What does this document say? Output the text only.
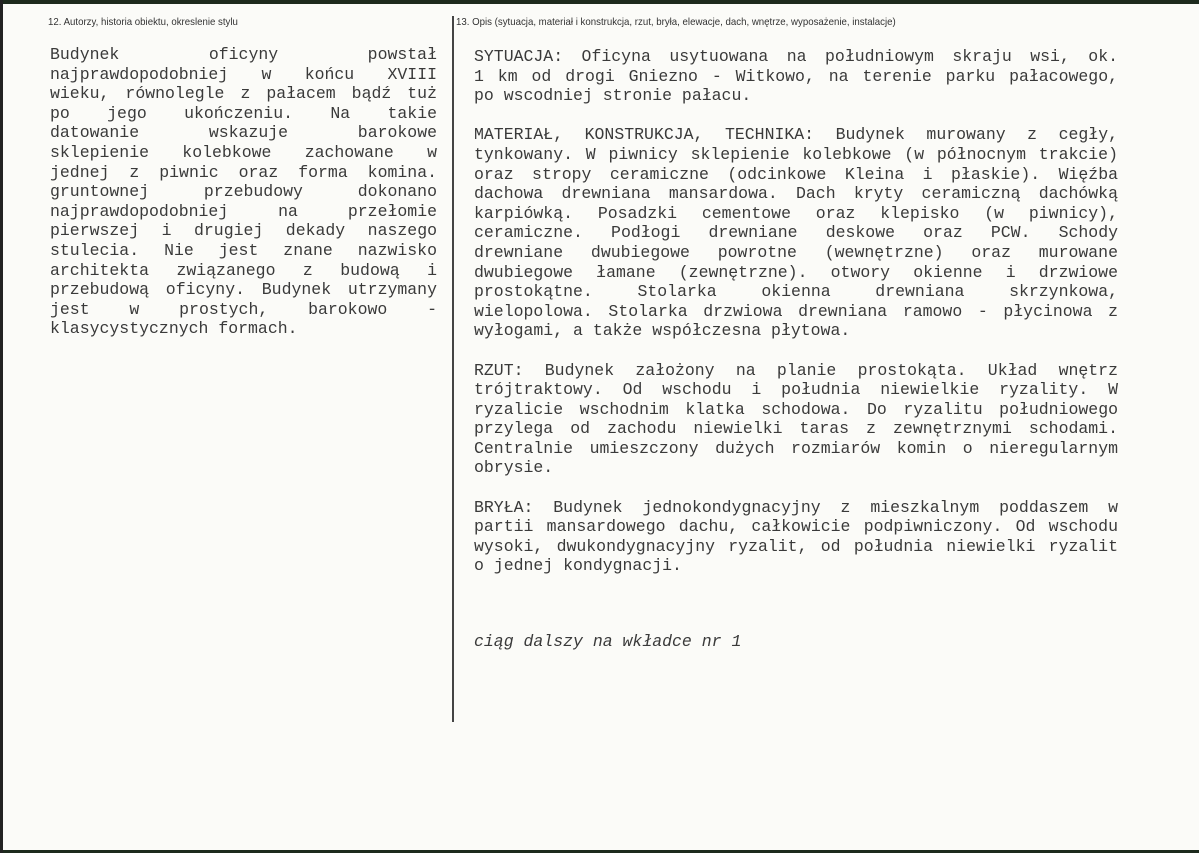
12. Autorzy, historia obiektu, okreslenie stylu	13. Opis (sytuacja, materiał i konstrukcja, rzut, bryła, elewacje, dach, wnętrze, wyposażenie, instalacje)
Budynek oficyny powstał
najprawdopodobniej w końcu XVIII
wieku, równolegle z pałacem bądź tuż
po jego ukończeniu. Na takie
datowanie wskazuje barokowe
sklepienie kolebkowe zachowane w
jednej z piwnic oraz forma komina.
gruntownej przebudowy dokonano
najprawdopodobniej na przełomie
pierwszej i drugiej dekady naszego
stulecia. Nie jest znane nazwisko
architekta związanego z budową i
przebudową oficyny. Budynek utrzymany
jest w prostych, barokowo -
klasycystycznych formach.
SYTUACJA: Oficyna usytuowana na południowym skraju wsi, ok.
1 km od drogi Gniezno - Witkowo, na terenie parku pałacowego,
po wscodniej stronie pałacu.
MATERIAŁ, KONSTRUKCJA, TECHNIKA: Budynek murowany z cegły,
tynkowany. W piwnicy sklepienie kolebkowe (w północnym trakcie)
oraz stropy ceramiczne (odcinkowe Kleina i płaskie). Więźba
dachowa drewniana mansardowa. Dach kryty ceramiczną dachówką
karpiówką. Posadzki cementowe oraz klepisko (w piwnicy),
ceramiczne. Podłogi drewniane deskowe oraz PCW. Schody
drewniane dwubiegowe powrotne (wewnętrzne) oraz murowane
dwubiegowe łamane (zewnętrzne). otwory okienne i drzwiowe
prostokątne. Stolarka okienna drewniana skrzynkowa,
wielopolowa. Stolarka drzwiowa drewniana ramowo - płycinowa z
wyłogami, a także współczesna płytowa.
RZUT: Budynek założony na planie prostokąta. Układ wnętrz
trójtraktowy. Od wschodu i południa niewielkie ryzality. W
ryzalicie wschodnim klatka schodowa. Do ryzalitu południowego
przylega od zachodu niewielki taras z zewnętrznymi schodami.
Centralnie umieszczony dużych rozmiarów komin o nieregularnym
obrysie.
BRYŁA: Budynek jednokondygnacyjny z mieszkalnym poddaszem w
partii mansardowego dachu, całkowicie podpiwniczony. Od wschodu
wysoki, dwukondygnacyjny ryzalit, od południa niewielki ryzalit
o jednej kondygnacji.
ciąg dalszy na wkładce nr 1
